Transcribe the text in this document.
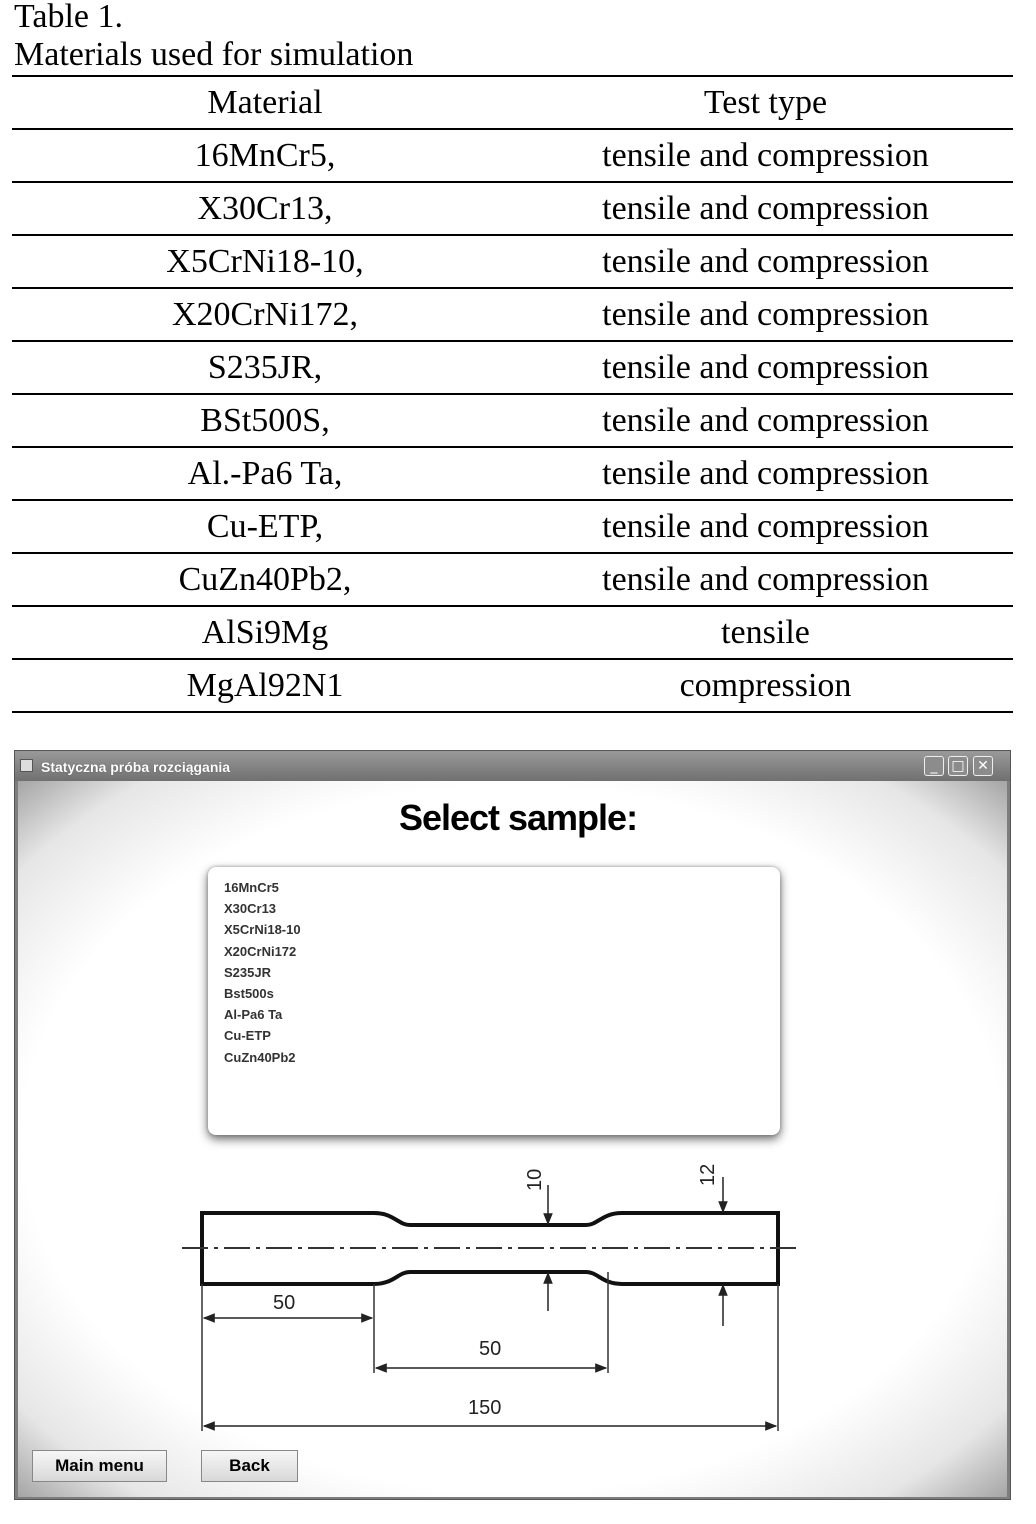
Table 1.
Materials used for simulation
Material	Test type
16MnCr5,	tensile and compression
X30Cr13,	tensile and compression
X5CrNi18-10,	tensile and compression
X20CrNi172,	tensile and compression
S235JR,	tensile and compression
BSt500S,	tensile and compression
Al.-Pa6 Ta,	tensile and compression
Cu-ETP,	tensile and compression
CuZn40Pb2,	tensile and compression
AlSi9Mg	tensile
MgAl92N1	compression
Statyczna próba rozciągania	_ □ ✕
Select sample:
16MnCr5
X30Cr13
X5CrNi18-10
X20CrNi172
S235JR
Bst500s
Al-Pa6 Ta
Cu-ETP
CuZn40Pb2
10	12
50
50
150
Main menu	Back
